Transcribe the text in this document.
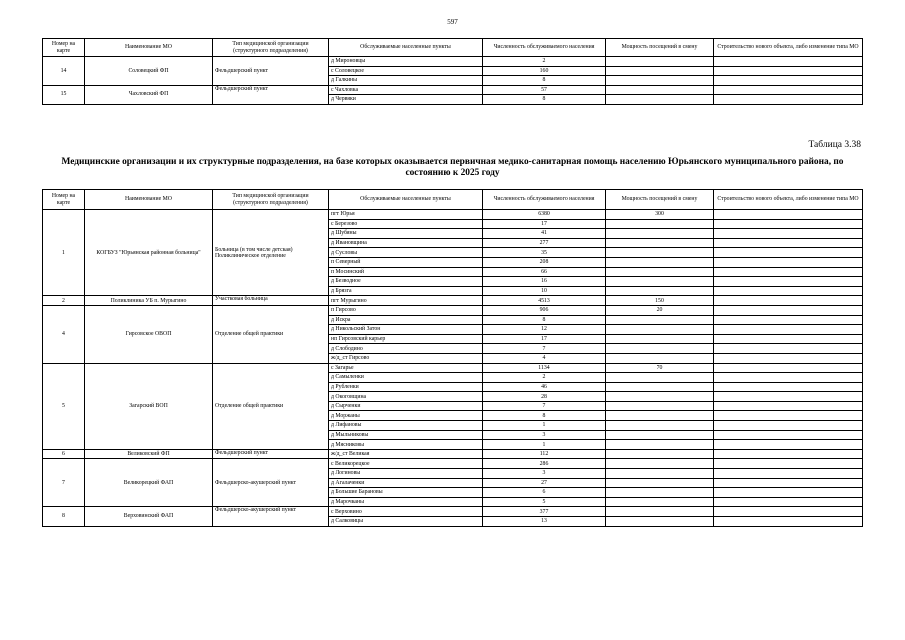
597
Номер на карте	Наименование МО	Тип медицинской организации (структурного подразделения)	Обслуживаемые населенные пункты	Численность обслуживаемого населения	Мощность посещений в смену	Строительство нового объекта, либо изменение типа МО
14	Соловецкий ФП	Фельдшерский пункт	д Мироновцы	2		
			с Соловецкое	160		
			д Галкины	8		
15	Чахловский ФП	Фельдшерский пункт	с Чахловка	57		
			д Червяки	8		
Таблица 3.38
Медицинские организации и их структурные подразделения, на базе которых оказывается первичная медико-санитарная помощь населению Юрьянского муниципального района, по состоянию к 2025 году
Номер на карте	Наименование МО	Тип медицинской организации (структурного подразделения)	Обслуживаемые населенные пункты	Численность обслуживаемого населения	Мощность посещений в смену	Строительство нового объекта, либо изменение типа МО
1	КОГБУЗ "Юрьянская районная больница"	Больница (в том числе детская) Поликлиническое отделение	пгт Юрья	6380	300	
			с Березово	17		
			д Шубяны	41		
			д Ивановщина	277		
			д Сусловы	35		
			п Северный	208		
			п Мосинский	66		
			д Безводное	16		
			д Брязга	10		
2	Поликлиника УБ п. Мурыгино	Участковая больница	пгт Мурыгино	4513	150	
4	Гирсовское ОВОП	Отделение общей практики	п Гирсово	906	20	
			д Искра	8		
			д Никольский Затон	12		
			нп Гирсовский карьер	17		
			д Слободино	7		
			ж/д_ст Гирсово	4		
5	Загарский ВОП	Отделение общей практики	с Загарье	1134	70	
			д Самыленки	2		
			д Рубленки	46		
			д Окоговщина	28		
			д Сырченки	7		
			д Моржаны	8		
			д Лифановы	1		
			д Мыльниковы	3		
			д Мясниковы	1		
6	Великовский ФП	Фельдшерский пункт	ж/д_ст Великая	112		
7	Великорецкий ФАП	Фельдшерско-акушерский пункт	с Великорецкое	286		
			д Логиновы	3		
			д Агалаченки	27		
			д Большие Барановы	6		
			д Марочканы	5		
8	Верховинский ФАП	Фельдшерско-акушерский пункт	с Верховино	377		
			д Салковицы	13		
